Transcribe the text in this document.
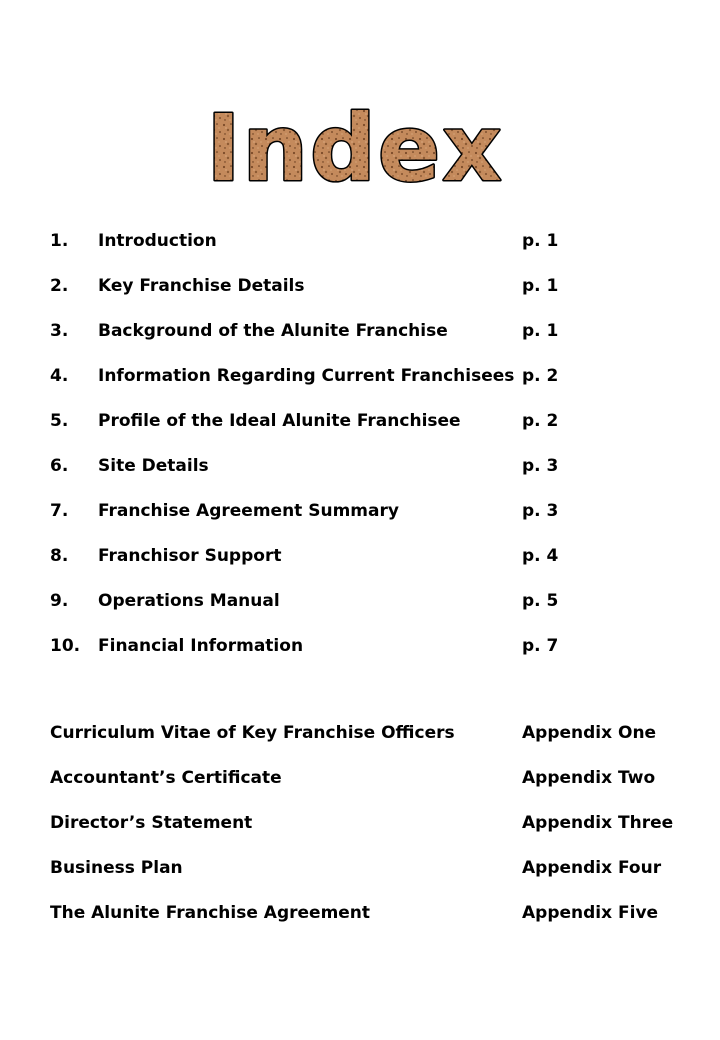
Index
1. Introduction	p. 1
2. Key Franchise Details	p. 1
3. Background of the Alunite Franchise	p. 1
4. Information Regarding Current Franchisees p. 2
5. Profile of the Ideal Alunite Franchisee	p. 2
6. Site Details	p. 3
7. Franchise Agreement Summary	p. 3
8. Franchisor Support	p. 4
9. Operations Manual	p. 5
10. Financial Information	p. 7
Curriculum Vitae of Key Franchise Officers	Appendix One
Accountant’s Certificate	Appendix Two
Director’s Statement	Appendix Three
Business Plan	Appendix Four
The Alunite Franchise Agreement	Appendix Five
